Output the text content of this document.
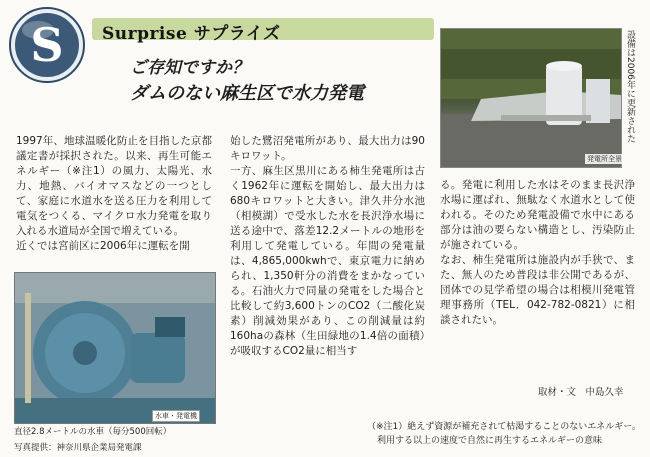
S Surprise サプライズ
ご存知ですか？
ダムのない麻生区で水力発電
発電所全景
設備は2006年に更新された

1997年、地球温暖化防止を目指した京都議定書が採択された。以来、再生可能エネルギー（※注1）の風力、太陽光、水力、地熱、バイオマスなどの一つとして、家庭に水道水を送る圧力を利用して電気をつくる、マイクロ水力発電を取り入れる水道局が全国で増えている。

近くでは宮前区に2006年に運転を開

始した鷺沼発電所があり、最大出力は90キロワット。

一方、麻生区黒川にある柿生発電所は古く1962年に運転を開始し、最大出力は680キロワットと大きい。津久井分水池（相模湖）で受水した水を長沢浄水場に送る途中で、落差12.2メートルの地形を利用して発電している。年間の発電量は、4,865,000kwhで、東京電力に納められ、1,350軒分の消費をまかなっている。石油火力で同量の発電をした場合と比較して約3,600トンのCO2（二酸化炭素）削減効果があり、この削減量は約160haの森林（生田緑地の1.4倍の面積）が吸収するCO2量に相当す

る。発電に利用した水はそのまま長沢浄水場に運ばれ、無駄なく水道水として使われる。そのため発電設備で水中にある部分は油の要らない構造とし、汚染防止が施されている。

なお、柿生発電所は施設内が手狭で、また、無人のため普段は非公開であるが、団体での見学希望の場合は相模川発電管理事務所（TEL．042-782-0821）に相談されたい。

水車・発電機
直径2.8メートルの水車（毎分500回転）
写真提供：神奈川県企業局発電課
取材・文　中島久幸
（※注1）絶えず資源が補充されて枯渇することのないエネルギー。
利用する以上の速度で自然に再生するエネルギーの意味
